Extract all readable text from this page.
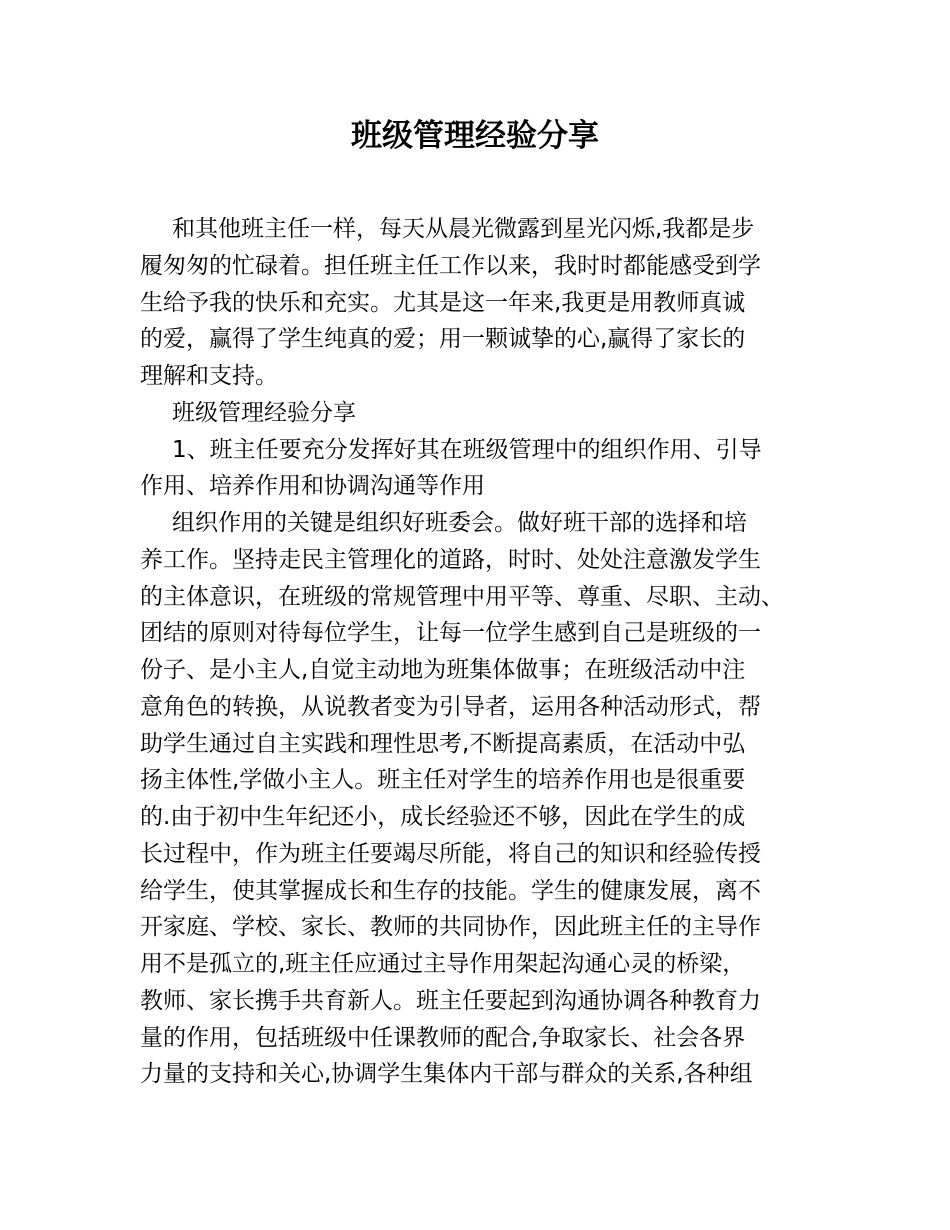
班级管理经验分享
和其他班主任一样，每天从晨光微露到星光闪烁,我都是步
履匆匆的忙碌着。担任班主任工作以来，我时时都能感受到学
生给予我的快乐和充实。尤其是这一年来,我更是用教师真诚
的爱，赢得了学生纯真的爱；用一颗诚挚的心,赢得了家长的
理解和支持。
班级管理经验分享
1、班主任要充分发挥好其在班级管理中的组织作用、引导
作用、培养作用和协调沟通等作用
组织作用的关键是组织好班委会。做好班干部的选择和培
养工作。坚持走民主管理化的道路，时时、处处注意激发学生
的主体意识，在班级的常规管理中用平等、尊重、尽职、主动、
团结的原则对待每位学生，让每一位学生感到自己是班级的一
份子、是小主人,自觉主动地为班集体做事；在班级活动中注
意角色的转换，从说教者变为引导者，运用各种活动形式，帮
助学生通过自主实践和理性思考,不断提高素质，在活动中弘
扬主体性,学做小主人。班主任对学生的培养作用也是很重要
的.由于初中生年纪还小，成长经验还不够，因此在学生的成
长过程中，作为班主任要竭尽所能，将自己的知识和经验传授
给学生，使其掌握成长和生存的技能。学生的健康发展，离不
开家庭、学校、家长、教师的共同协作，因此班主任的主导作
用不是孤立的,班主任应通过主导作用架起沟通心灵的桥梁，
教师、家长携手共育新人。班主任要起到沟通协调各种教育力
量的作用，包括班级中任课教师的配合,争取家长、社会各界
力量的支持和关心,协调学生集体内干部与群众的关系,各种组
